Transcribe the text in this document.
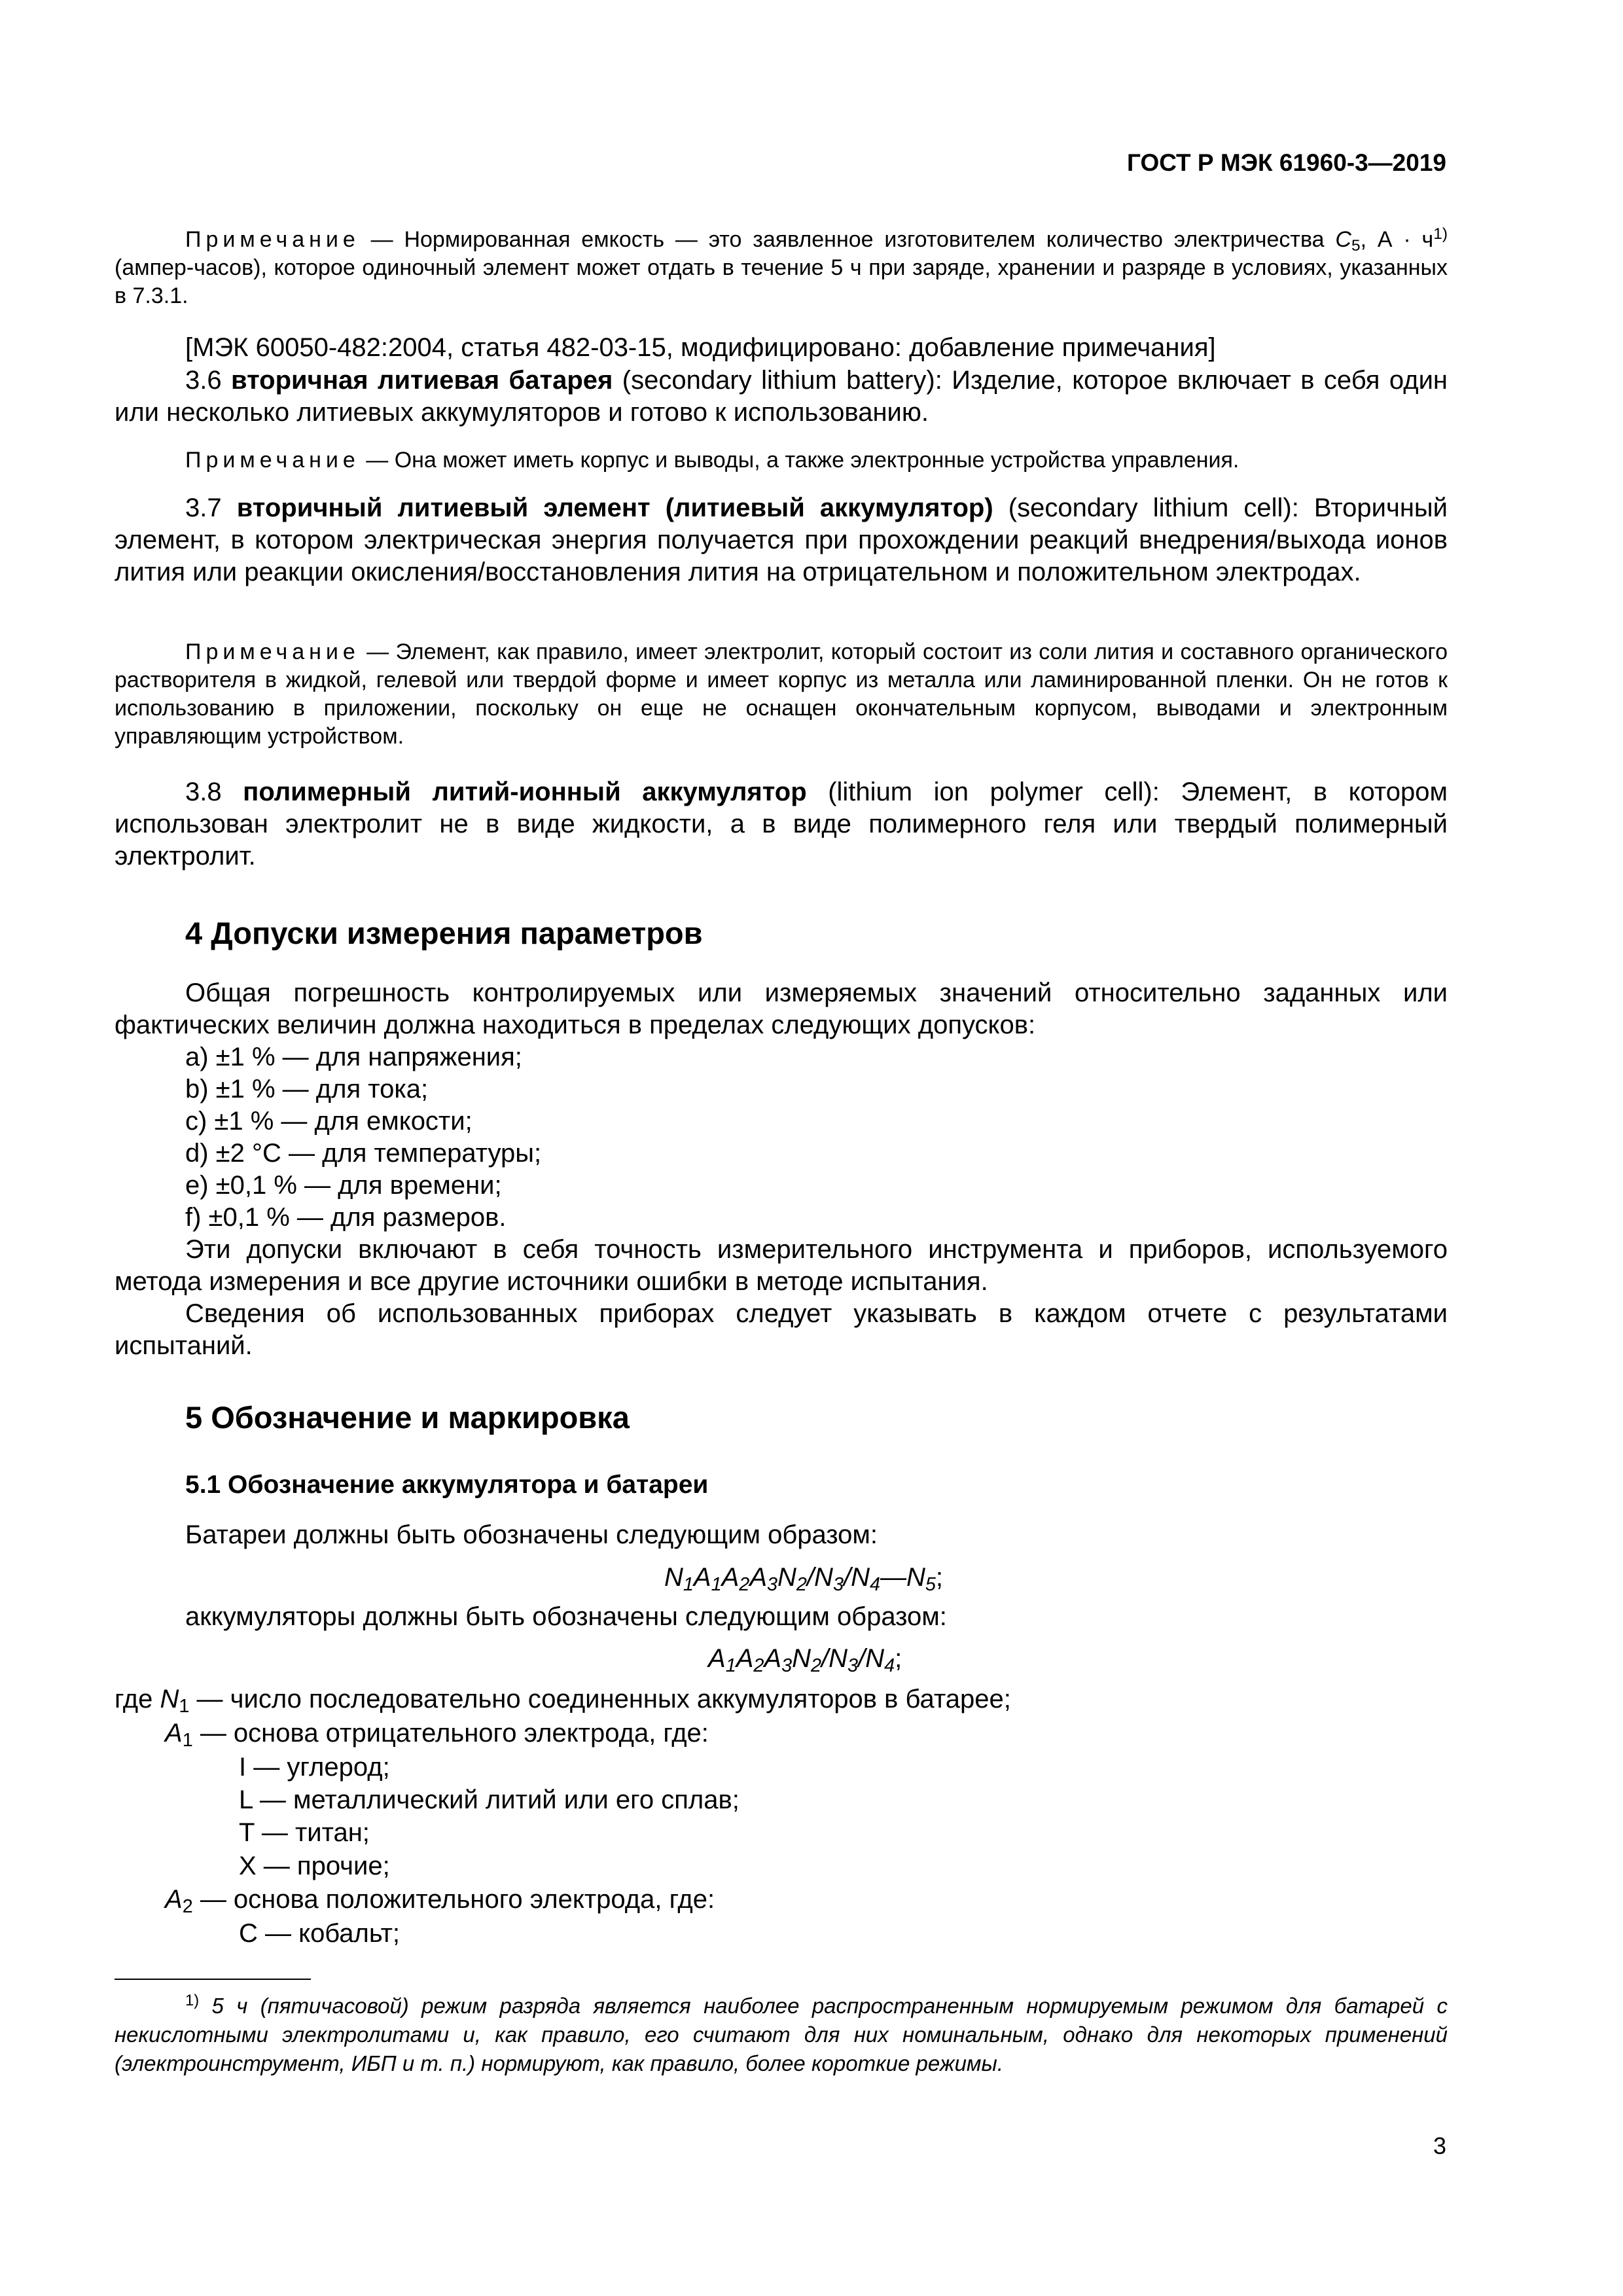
ГОСТ Р МЭК 61960-3—2019

Примечание — Нормированная емкость — это заявленное изготовителем количество электричества $C_5$, $А \cdot ч^{1)}$ (ампер-часов), которое одиночный элемент может отдать в течение 5 ч при заряде, хранении и разряде в условиях, указанных в 7.3.1.

[МЭК 60050-482:2004, статья 482-03-15, модифицировано: добавление примечания]

3.6 вторичная литиевая батарея (secondary lithium battery): Изделие, которое включает в себя один или несколько литиевых аккумуляторов и готово к использованию.

Примечание — Она может иметь корпус и выводы, а также электронные устройства управления.

3.7 вторичный литиевый элемент (литиевый аккумулятор) (secondary lithium cell): Вторичный элемент, в котором электрическая энергия получается при прохождении реакций внедрения/выхода ионов лития или реакции окисления/восстановления лития на отрицательном и положительном электродах.

Примечание — Элемент, как правило, имеет электролит, который состоит из соли лития и составного органического растворителя в жидкой, гелевой или твердой форме и имеет корпус из металла или ламинированной пленки. Он не готов к использованию в приложении, поскольку он еще не оснащен окончательным корпусом, выводами и электронным управляющим устройством.

3.8 полимерный литий-ионный аккумулятор (lithium ion polymer cell): Элемент, в котором использован электролит не в виде жидкости, а в виде полимерного геля или твердый полимерный электролит.

4 Допуски измерения параметров

Общая погрешность контролируемых или измеряемых значений относительно заданных или фактических величин должна находиться в пределах следующих допусков:

a) ±1 % — для напряжения;

b) ±1 % — для тока;

c) ±1 % — для емкости;

d) ±2 °С — для температуры;

e) ±0,1 % — для времени;

f) ±0,1 % — для размеров.

Эти допуски включают в себя точность измерительного инструмента и приборов, используемого метода измерения и все другие источники ошибки в методе испытания.

Сведения об использованных приборах следует указывать в каждом отчете с результатами испытаний.

5 Обозначение и маркировка

5.1 Обозначение аккумулятора и батареи

Батареи должны быть обозначены следующим образом:

$N_1A_1A_2A_3N_2/N_3/N_4—N_5$;

аккумуляторы должны быть обозначены следующим образом:

$A_1A_2A_3N_2/N_3/N_4$;
где $N_1$ — число последовательно соединенных аккумуляторов в батарее;
$A_1$ — основа отрицательного электрода, где:
I — углерод;
L — металлический литий или его сплав;
T — титан;
X — прочие;
$A_2$ — основа положительного электрода, где:
C — кобальт;

$^{1)}$ 5 ч (пятичасовой) режим разряда является наиболее распространенным нормируемым режимом для батарей с некислотными электролитами и, как правило, его считают для них номинальным, однако для некоторых применений (электроинструмент, ИБП и т. п.) нормируют, как правило, более короткие режимы.

3
